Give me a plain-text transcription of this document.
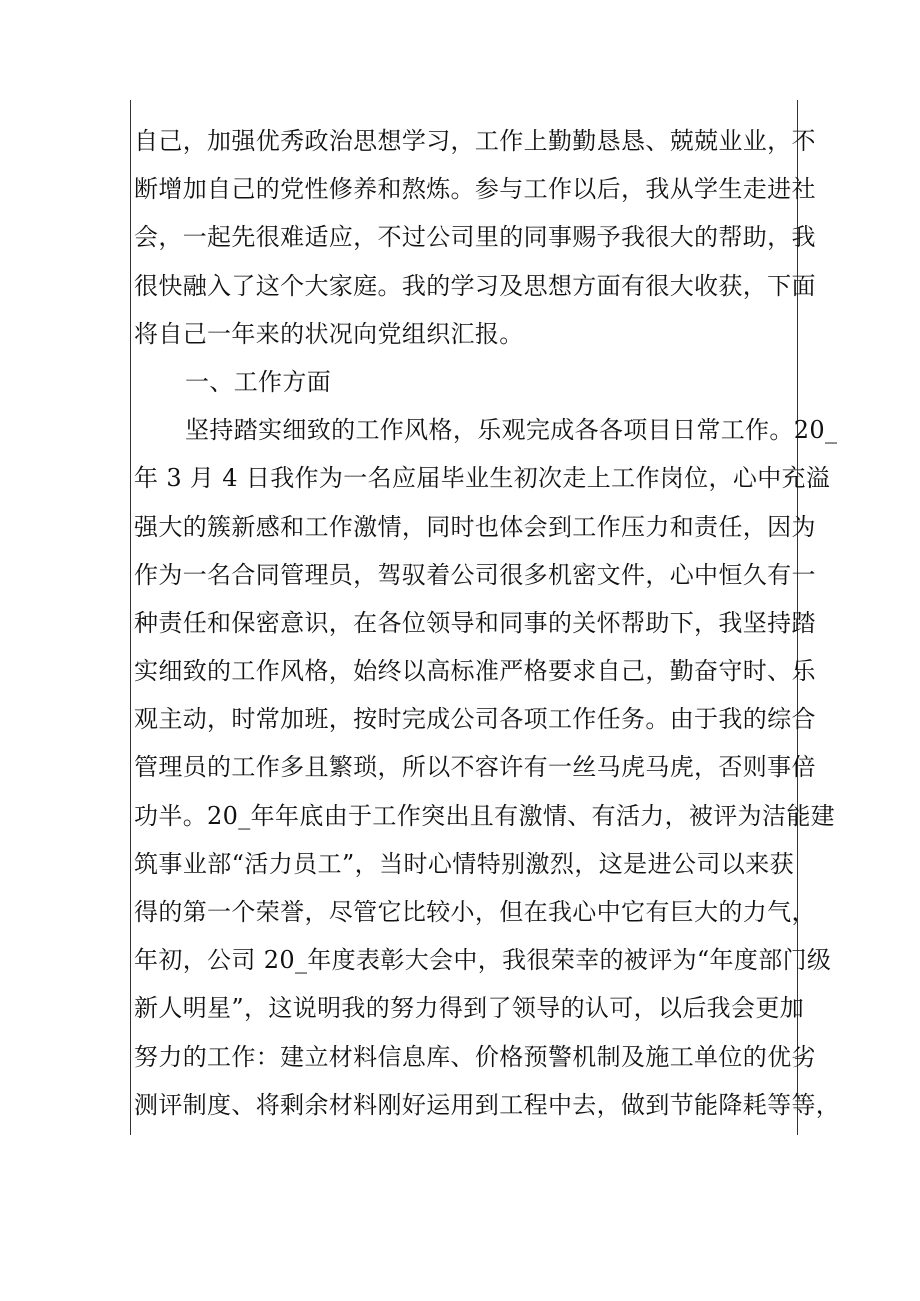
自己，加强优秀政治思想学习，工作上勤勤恳恳、兢兢业业，不

断增加自己的党性修养和熬炼。参与工作以后，我从学生走进社

会，一起先很难适应，不过公司里的同事赐予我很大的帮助，我

很快融入了这个大家庭。我的学习及思想方面有很大收获，下面

将自己一年来的状况向党组织汇报。

一、工作方面

坚持踏实细致的工作风格，乐观完成各各项目日常工作。20_

年 3 月 4 日我作为一名应届毕业生初次走上工作岗位，心中充溢

强大的簇新感和工作激情，同时也体会到工作压力和责任，因为

作为一名合同管理员，驾驭着公司很多机密文件，心中恒久有一

种责任和保密意识，在各位领导和同事的关怀帮助下，我坚持踏

实细致的工作风格，始终以高标准严格要求自己，勤奋守时、乐

观主动，时常加班，按时完成公司各项工作任务。由于我的综合

管理员的工作多且繁琐，所以不容许有一丝马虎马虎，否则事倍

功半。20_年年底由于工作突出且有激情、有活力，被评为洁能建

筑事业部“活力员工”，当时心情特别激烈，这是进公司以来获

得的第一个荣誉，尽管它比较小，但在我心中它有巨大的力气，

年初，公司 20_年度表彰大会中，我很荣幸的被评为“年度部门级

新人明星”，这说明我的努力得到了领导的认可，以后我会更加

努力的工作：建立材料信息库、价格预警机制及施工单位的优劣

测评制度、将剩余材料刚好运用到工程中去，做到节能降耗等等，
